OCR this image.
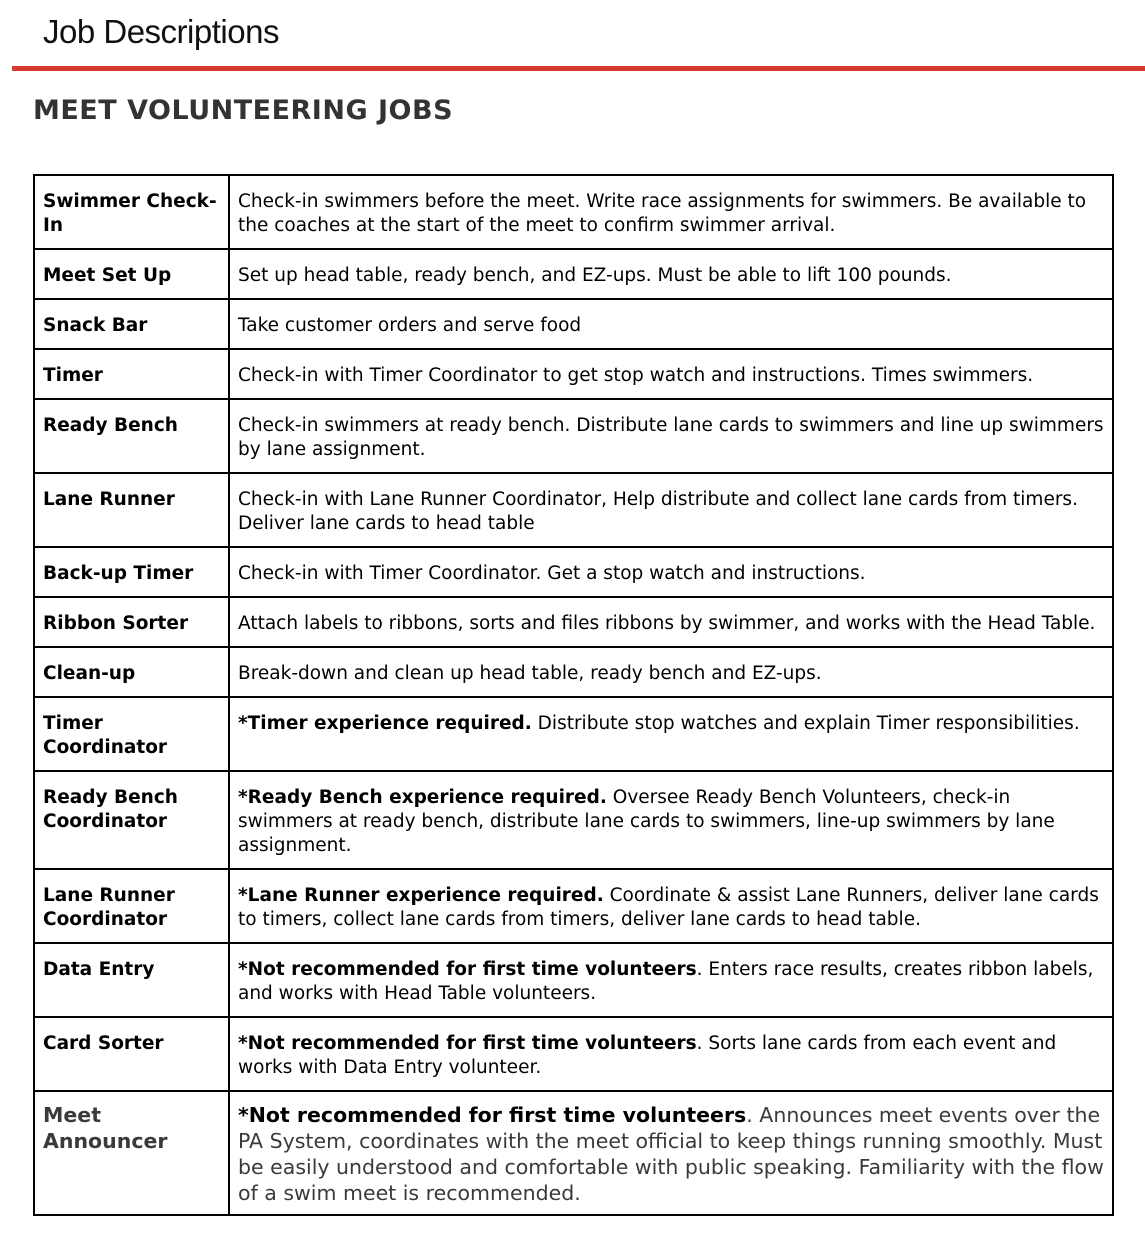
Job Descriptions
MEET VOLUNTEERING JOBS
Swimmer Check-In	Check-in swimmers before the meet. Write race assignments for swimmers. Be available to the coaches at the start of the meet to confirm swimmer arrival.
Meet Set Up	Set up head table, ready bench, and EZ-ups. Must be able to lift 100 pounds.
Snack Bar	Take customer orders and serve food
Timer	Check-in with Timer Coordinator to get stop watch and instructions. Times swimmers.
Ready Bench	Check-in swimmers at ready bench. Distribute lane cards to swimmers and line up swimmers by lane assignment.
Lane Runner	Check-in with Lane Runner Coordinator, Help distribute and collect lane cards from timers. Deliver lane cards to head table
Back-up Timer	Check-in with Timer Coordinator. Get a stop watch and instructions.
Ribbon Sorter	Attach labels to ribbons, sorts and files ribbons by swimmer, and works with the Head Table.
Clean-up	Break-down and clean up head table, ready bench and EZ-ups.
Timer Coordinator	*Timer experience required. Distribute stop watches and explain Timer responsibilities.
Ready Bench Coordinator	*Ready Bench experience required. Oversee Ready Bench Volunteers, check-in swimmers at ready bench, distribute lane cards to swimmers, line-up swimmers by lane assignment.
Lane Runner Coordinator	*Lane Runner experience required. Coordinate & assist Lane Runners, deliver lane cards to timers, collect lane cards from timers, deliver lane cards to head table.
Data Entry	*Not recommended for first time volunteers. Enters race results, creates ribbon labels, and works with Head Table volunteers.
Card Sorter	*Not recommended for first time volunteers. Sorts lane cards from each event and works with Data Entry volunteer.
Meet Announcer	*Not recommended for first time volunteers. Announces meet events over the PA System, coordinates with the meet official to keep things running smoothly. Must be easily understood and comfortable with public speaking. Familiarity with the flow of a swim meet is recommended.
